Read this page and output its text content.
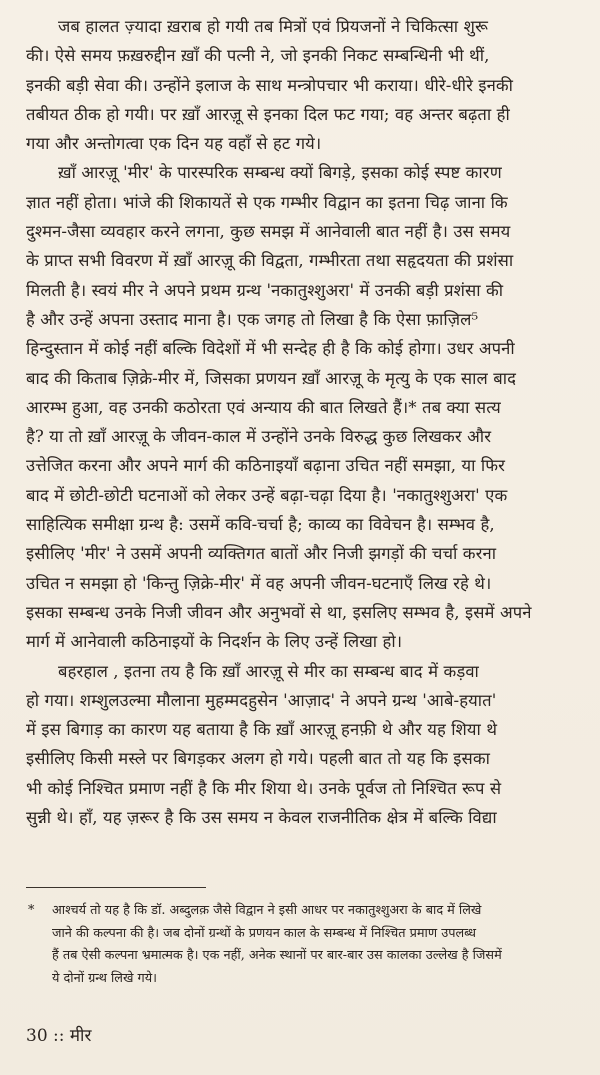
जब हालत ज़्यादा ख़राब हो गयी तब मित्रों एवं प्रियजनों ने चिकित्सा शुरू
की। ऐसे समय फ़ख़रुद्दीन ख़ाँ की पत्नी ने, जो इनकी निकट सम्बन्धिनी भी थीं,
इनकी बड़ी सेवा की। उन्होंने इलाज के साथ मन्त्रोपचार भी कराया। धीरे-धीरे इनकी
तबीयत ठीक हो गयी। पर ख़ाँ आरज़ू से इनका दिल फट गया; वह अन्तर बढ़ता ही
गया और अन्तोगत्वा एक दिन यह वहाँ से हट गये।
ख़ाँ आरज़ू 'मीर' के पारस्परिक सम्बन्ध क्यों बिगड़े, इसका कोई स्पष्ट कारण
ज्ञात नहीं होता। भांजे की शिकायतें से एक गम्भीर विद्वान का इतना चिढ़ जाना कि
दुश्मन-जैसा व्यवहार करने लगना, कुछ समझ में आनेवाली बात नहीं है। उस समय
के प्राप्त सभी विवरण में ख़ाँ आरज़ू की विद्वता, गम्भीरता तथा सहृदयता की प्रशंसा
मिलती है। स्वयं मीर ने अपने प्रथम ग्रन्थ 'नकातुश्शुअरा' में उनकी बड़ी प्रशंसा की
है और उन्हें अपना उस्ताद माना है। एक जगह तो लिखा है कि ऐसा फ़ाज़िल⁵
हिन्दुस्तान में कोई नहीं बल्कि विदेशों में भी सन्देह ही है कि कोई होगा। उधर अपनी
बाद की किताब ज़िक्रे-मीर में, जिसका प्रणयन ख़ाँ आरज़ू के मृत्यु के एक साल बाद
आरम्भ हुआ, वह उनकी कठोरता एवं अन्याय की बात लिखते हैं।* तब क्या सत्य
है? या तो ख़ाँ आरज़ू के जीवन-काल में उन्होंने उनके विरुद्ध कुछ लिखकर और
उत्तेजित करना और अपने मार्ग की कठिनाइयाँ बढ़ाना उचित नहीं समझा, या फिर
बाद में छोटी-छोटी घटनाओं को लेकर उन्हें बढ़ा-चढ़ा दिया है। 'नकातुश्शुअरा' एक
साहित्यिक समीक्षा ग्रन्थ है: उसमें कवि-चर्चा है; काव्य का विवेचन है। सम्भव है,
इसीलिए 'मीर' ने उसमें अपनी व्यक्तिगत बातों और निजी झगड़ों की चर्चा करना
उचित न समझा हो 'किन्तु ज़िक्रे-मीर' में वह अपनी जीवन-घटनाएँ लिख रहे थे।
इसका सम्बन्ध उनके निजी जीवन और अनुभवों से था, इसलिए सम्भव है, इसमें अपने
मार्ग में आनेवाली कठिनाइयों के निदर्शन के लिए उन्हें लिखा हो।
बहरहाल , इतना तय है कि ख़ाँ आरज़ू से मीर का सम्बन्ध बाद में कड़वा
हो गया। शम्शुलउल्मा मौलाना मुहम्मदहुसेन 'आज़ाद' ने अपने ग्रन्थ 'आबे-हयात'
में इस बिगाड़ का कारण यह बताया है कि ख़ाँ आरज़ू हनफ़ी थे और यह शिया थे
इसीलिए किसी मस्ले पर बिगड़कर अलग हो गये। पहली बात तो यह कि इसका
भी कोई निश्चित प्रमाण नहीं है कि मीर शिया थे। उनके पूर्वज तो निश्चित रूप से
सुन्नी थे। हाँ, यह ज़रूर है कि उस समय न केवल राजनीतिक क्षेत्र में बल्कि विद्या
* आश्चर्य तो यह है कि डॉ. अब्दुलक़ जैसे विद्वान ने इसी आधर पर नकातुश्शुअरा के बाद में लिखे
जाने की कल्पना की है। जब दोनों ग्रन्थों के प्रणयन काल के सम्बन्ध में निश्चित प्रमाण उपलब्ध
हैं तब ऐसी कल्पना भ्रमात्मक है। एक नहीं, अनेक स्थानों पर बार-बार उस कालका उल्लेख है जिसमें
ये दोनों ग्रन्थ लिखे गये।
30 :: मीर
